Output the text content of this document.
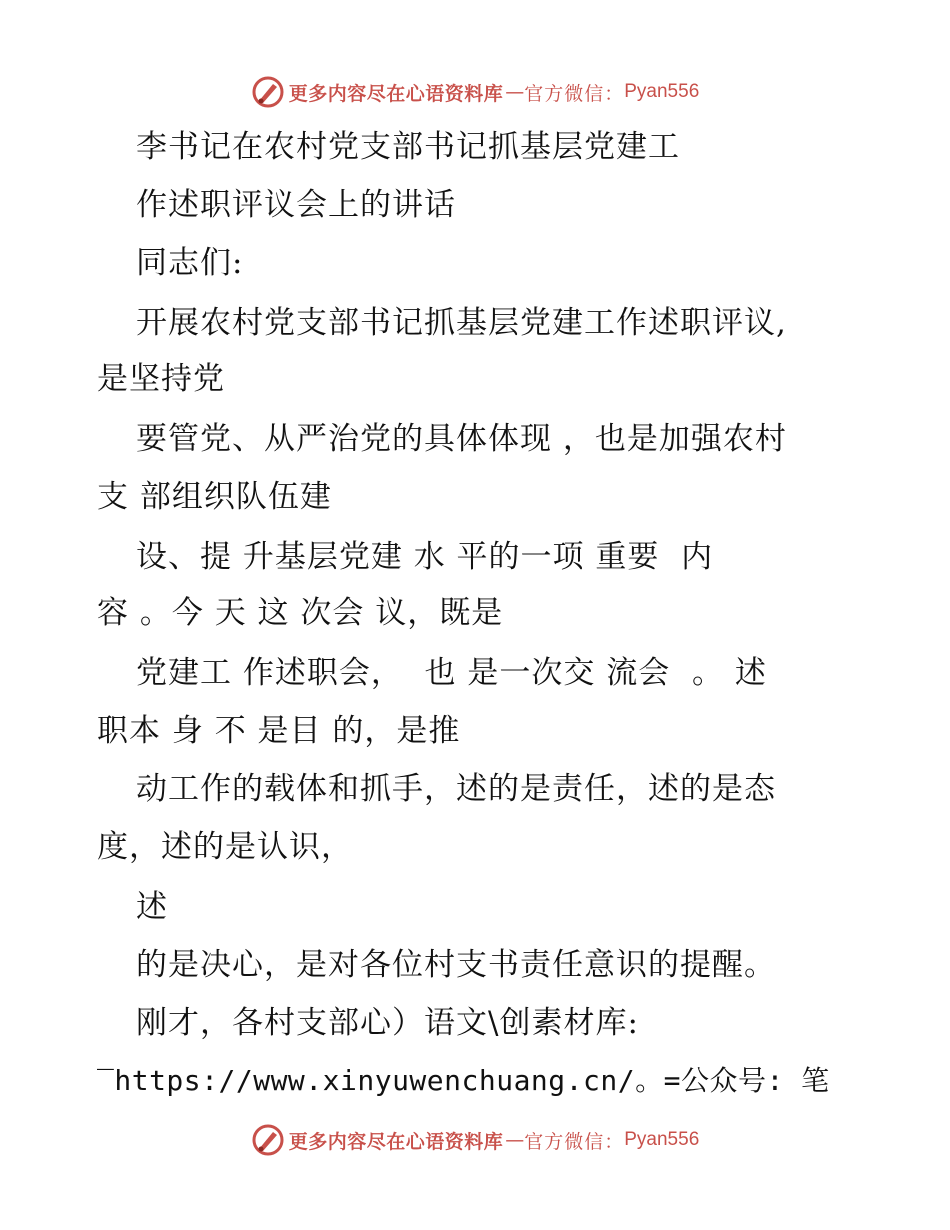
更多内容尽在心语资料库 — 官方微信： Pyan556
李书记在农村党支部书记抓基层党建工
作述职评议会上的讲话
同志们:
开展农村党支部书记抓基层党建工作述职评议,
是坚持党
要管党、从严治党的具体体现 ，也是加强农村
支 部组织队伍建
设、提 升基层党建 水 平的一项 重要  内
容 。今 天 这 次会 议，既是
党建工 作述职会，  也 是一次交 流会  。 述
职本 身 不 是目 的，是推
动工作的载体和抓手，述的是责任，述的是态
度，述的是认识，
述
的是决心，是对各位村支书责任意识的提醒。
刚才，各村支部心）语文\创素材库:
‾https://www.xinyuwenchuang.cn/。=公众号: 笔
更多内容尽在心语资料库 — 官方微信： Pyan556
